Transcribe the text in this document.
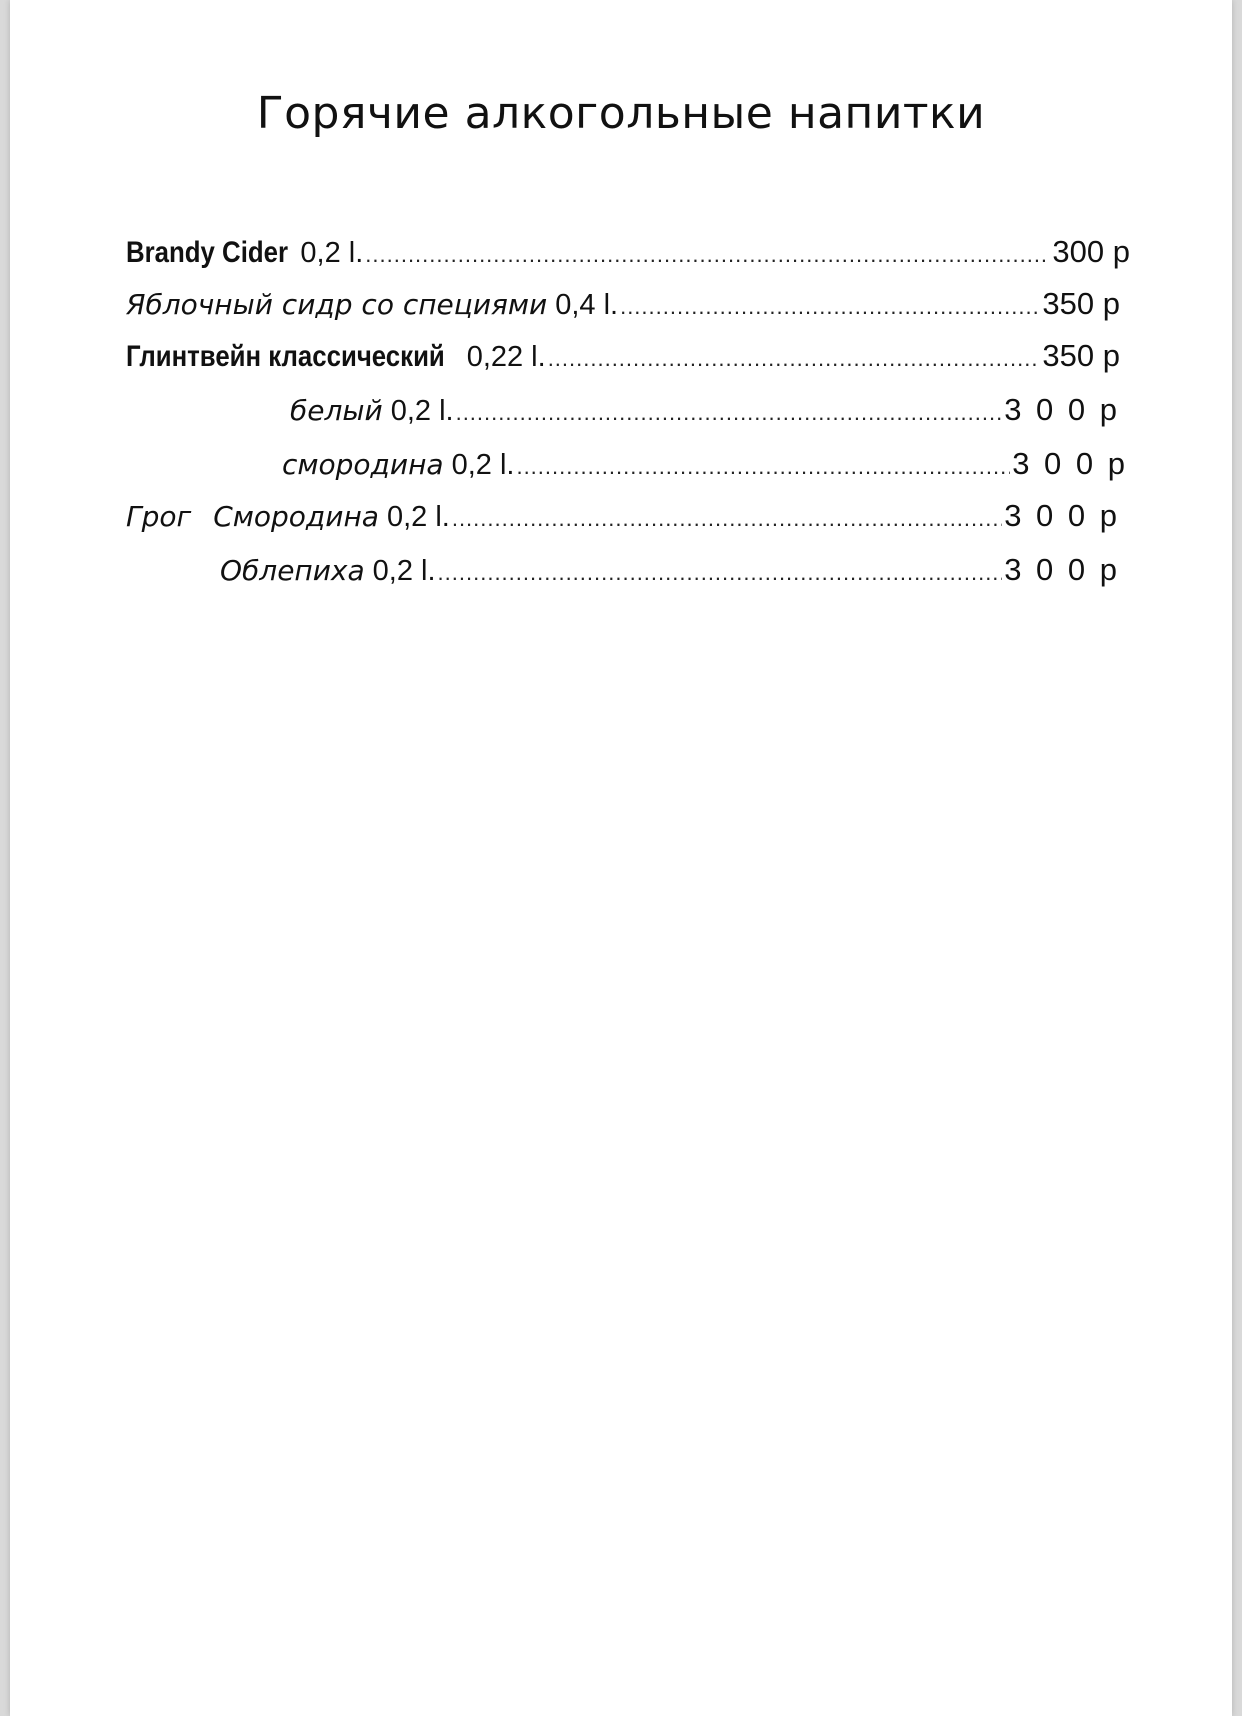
Горячие алкогольные напитки
Brandy Cider 0,2 l. .....	300 р
Яблочный сидр со специями 0,4 l. .....	350 р
Глинтвейн классический 0,22 l. .....	350 р
белый 0,2 l. .....	3 0 0 р
смородина 0,2 l. .....	3 0 0 р
Грог Смородина 0,2 l. .....	3 0 0 р
Облепиха 0,2 l. .....	3 0 0 р
